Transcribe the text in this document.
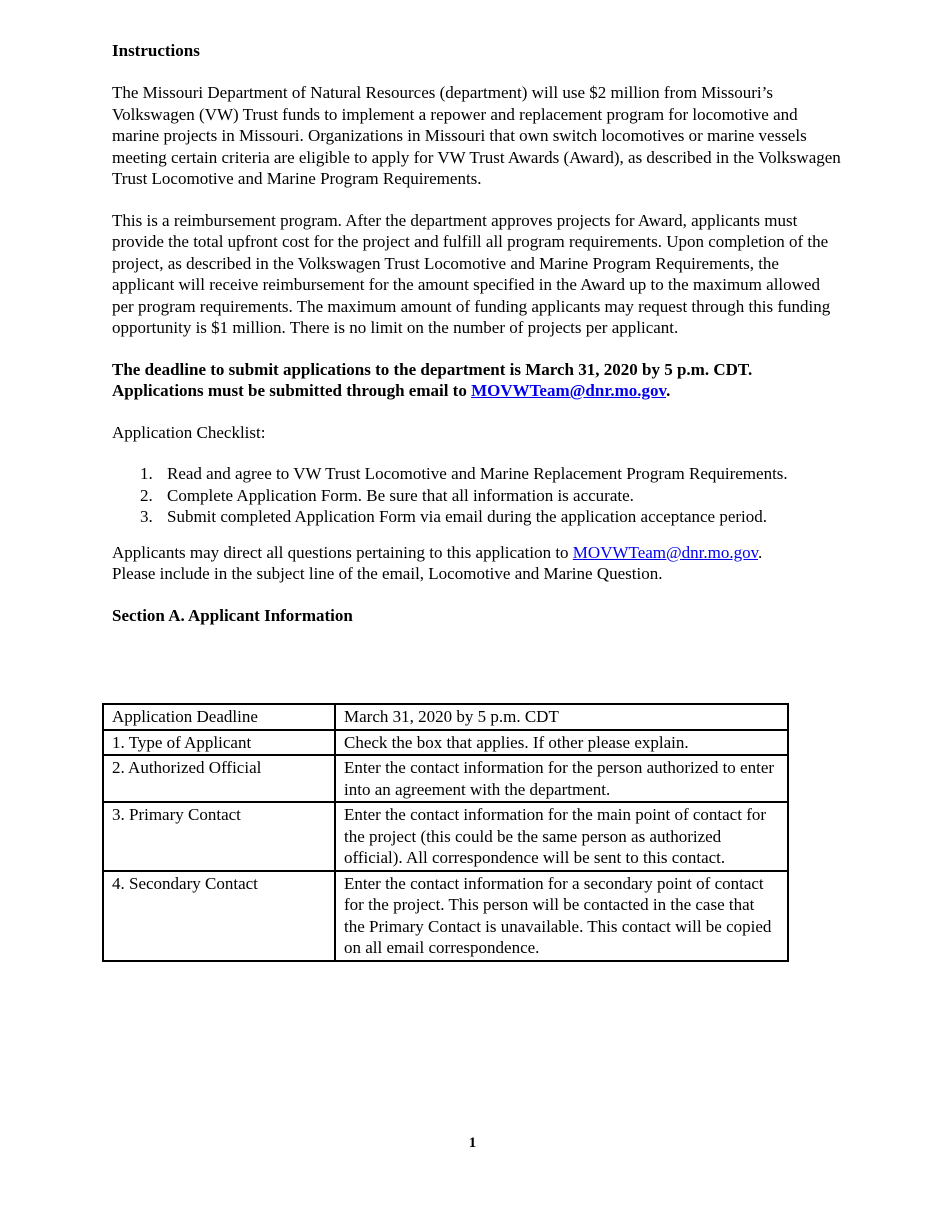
Instructions

The Missouri Department of Natural Resources (department) will use $2 million from Missouri’s Volkswagen (VW) Trust funds to implement a repower and replacement program for locomotive and marine projects in Missouri. Organizations in Missouri that own switch locomotives or marine vessels meeting certain criteria are eligible to apply for VW Trust Awards (Award), as described in the Volkswagen Trust Locomotive and Marine Program Requirements.

This is a reimbursement program. After the department approves projects for Award, applicants must provide the total upfront cost for the project and fulfill all program requirements. Upon completion of the project, as described in the Volkswagen Trust Locomotive and Marine Program Requirements, the applicant will receive reimbursement for the amount specified in the Award up to the maximum allowed per program requirements. The maximum amount of funding applicants may request through this funding opportunity is $1 million. There is no limit on the number of projects per applicant.

The deadline to submit applications to the department is March 31, 2020 by 5 p.m. CDT.
Applications must be submitted through email to MOVWTeam@dnr.mo.gov.

Application Checklist:

1. Read and agree to VW Trust Locomotive and Marine Replacement Program Requirements.
2. Complete Application Form. Be sure that all information is accurate.
3. Submit completed Application Form via email during the application acceptance period.

Applicants may direct all questions pertaining to this application to MOVWTeam@dnr.mo.gov.
Please include in the subject line of the email, Locomotive and Marine Question.

Section A. Applicant Information
Application Deadline	March 31, 2020 by 5 p.m. CDT
1. Type of Applicant	Check the box that applies. If other please explain.
2. Authorized Official	Enter the contact information for the person authorized to enter into an agreement with the department.
3. Primary Contact	Enter the contact information for the main point of contact for the project (this could be the same person as authorized official). All correspondence will be sent to this contact.
4. Secondary Contact	Enter the contact information for a secondary point of contact for the project. This person will be contacted in the case that the Primary Contact is unavailable. This contact will be copied on all email correspondence.
1
